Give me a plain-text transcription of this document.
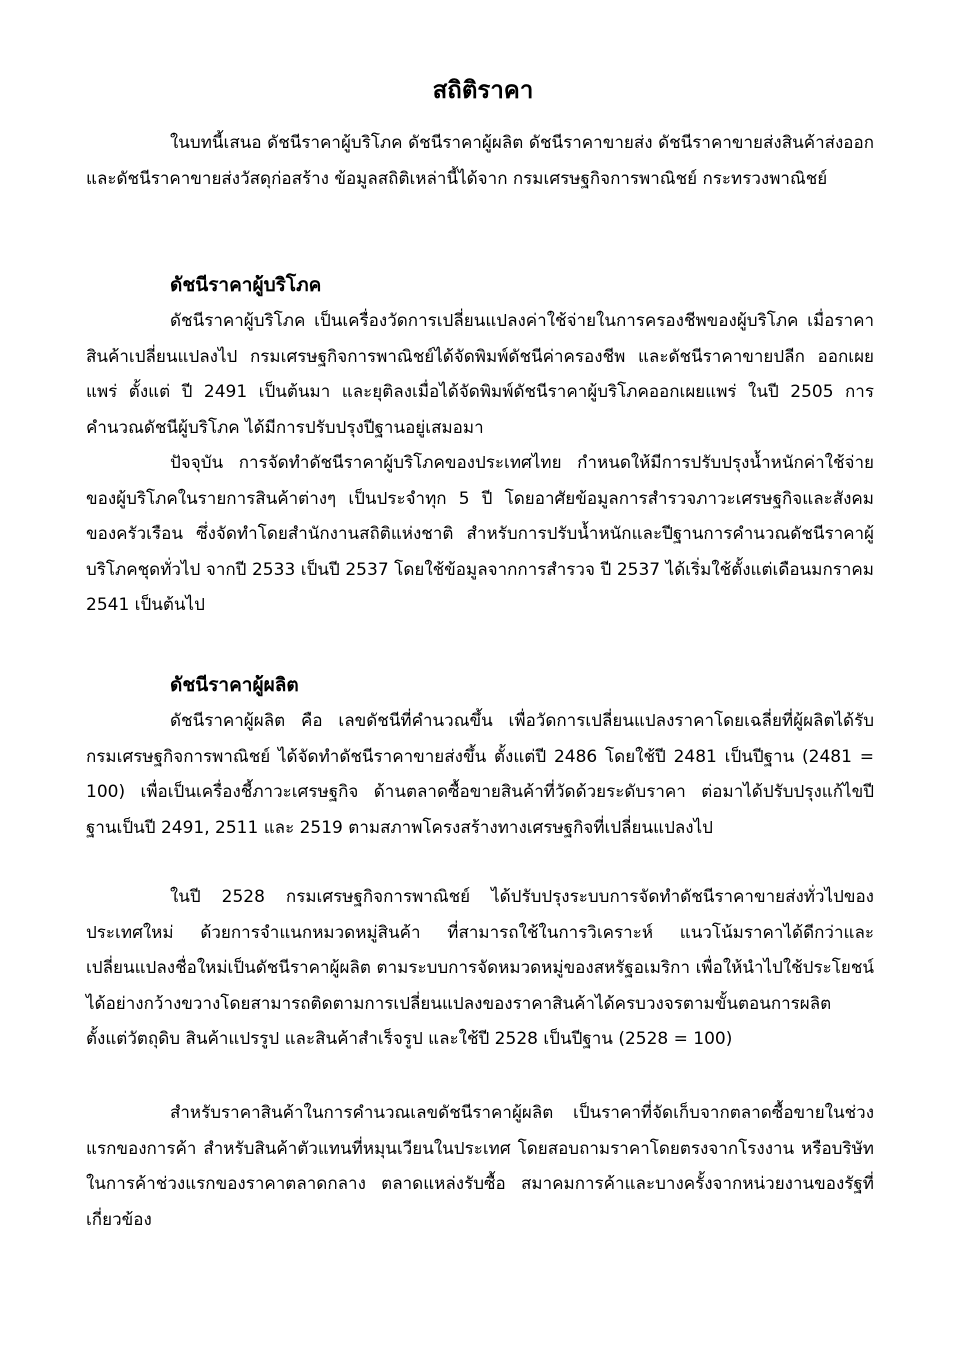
สถิติราคา

ในบทนี้เสนอ ดัชนีราคาผู้บริโภค ดัชนีราคาผู้ผลิต ดัชนีราคาขายส่ง ดัชนีราคาขายส่งสินค้าส่งออก และดัชนีราคาขายส่งวัสดุก่อสร้าง ข้อมูลสถิติเหล่านี้ได้จาก กรมเศรษฐกิจการพาณิชย์ กระทรวงพาณิชย์

ดัชนีราคาผู้บริโภค

ดัชนีราคาผู้บริโภค เป็นเครื่องวัดการเปลี่ยนแปลงค่าใช้จ่ายในการครองชีพของผู้บริโภค เมื่อราคาสินค้าเปลี่ยนแปลงไป กรมเศรษฐกิจการพาณิชย์ได้จัดพิมพ์ดัชนีค่าครองชีพ และดัชนีราคาขายปลีก ออกเผยแพร่ ตั้งแต่ ปี 2491 เป็นต้นมา และยุติลงเมื่อได้จัดพิมพ์ดัชนีราคาผู้บริโภคออกเผยแพร่ ในปี 2505 การคำนวณดัชนีผู้บริโภค ได้มีการปรับปรุงปีฐานอยู่เสมอมา

ปัจจุบัน การจัดทำดัชนีราคาผู้บริโภคของประเทศไทย กำหนดให้มีการปรับปรุงน้ำหนักค่าใช้จ่ายของผู้บริโภคในรายการสินค้าต่างๆ เป็นประจำทุก 5 ปี โดยอาศัยข้อมูลการสำรวจภาวะเศรษฐกิจและสังคมของครัวเรือน ซึ่งจัดทำโดยสำนักงานสถิติแห่งชาติ สำหรับการปรับน้ำหนักและปีฐานการคำนวณดัชนีราคาผู้บริโภคชุดทั่วไป จากปี 2533 เป็นปี 2537 โดยใช้ข้อมูลจากการสำรวจ ปี 2537 ได้เริ่มใช้ตั้งแต่เดือนมกราคม 2541 เป็นต้นไป

ดัชนีราคาผู้ผลิต

ดัชนีราคาผู้ผลิต คือ เลขดัชนีที่คำนวณขึ้น เพื่อวัดการเปลี่ยนแปลงราคาโดยเฉลี่ยที่ผู้ผลิตได้รับ กรมเศรษฐกิจการพาณิชย์ ได้จัดทำดัชนีราคาขายส่งขึ้น ตั้งแต่ปี 2486 โดยใช้ปี 2481 เป็นปีฐาน (2481 = 100) เพื่อเป็นเครื่องชี้ภาวะเศรษฐกิจ ด้านตลาดซื้อขายสินค้าที่วัดด้วยระดับราคา ต่อมาได้ปรับปรุงแก้ไขปีฐานเป็นปี 2491, 2511 และ 2519 ตามสภาพโครงสร้างทางเศรษฐกิจที่เปลี่ยนแปลงไป

ในปี 2528 กรมเศรษฐกิจการพาณิชย์ ได้ปรับปรุงระบบการจัดทำดัชนีราคาขายส่งทั่วไปของประเทศใหม่ ด้วยการจำแนกหมวดหมู่สินค้า ที่สามารถใช้ในการวิเคราะห์ แนวโน้มราคาได้ดีกว่าและเปลี่ยนแปลงชื่อใหม่เป็นดัชนีราคาผู้ผลิต ตามระบบการจัดหมวดหมู่ของสหรัฐอเมริกา เพื่อให้นำไปใช้ประโยชน์ได้อย่างกว้างขวางโดยสามารถติดตามการเปลี่ยนแปลงของราคาสินค้าได้ครบวงจรตามขั้นตอนการผลิต ตั้งแต่วัตถุดิบ สินค้าแปรรูป และสินค้าสำเร็จรูป และใช้ปี 2528 เป็นปีฐาน (2528 = 100)

สำหรับราคาสินค้าในการคำนวณเลขดัชนีราคาผู้ผลิต เป็นราคาที่จัดเก็บจากตลาดซื้อขายในช่วงแรกของการค้า สำหรับสินค้าตัวแทนที่หมุนเวียนในประเทศ โดยสอบถามราคาโดยตรงจากโรงงาน หรือบริษัทในการค้าช่วงแรกของราคาตลาดกลาง ตลาดแหล่งรับซื้อ สมาคมการค้าและบางครั้งจากหน่วยงานของรัฐที่เกี่ยวข้อง
